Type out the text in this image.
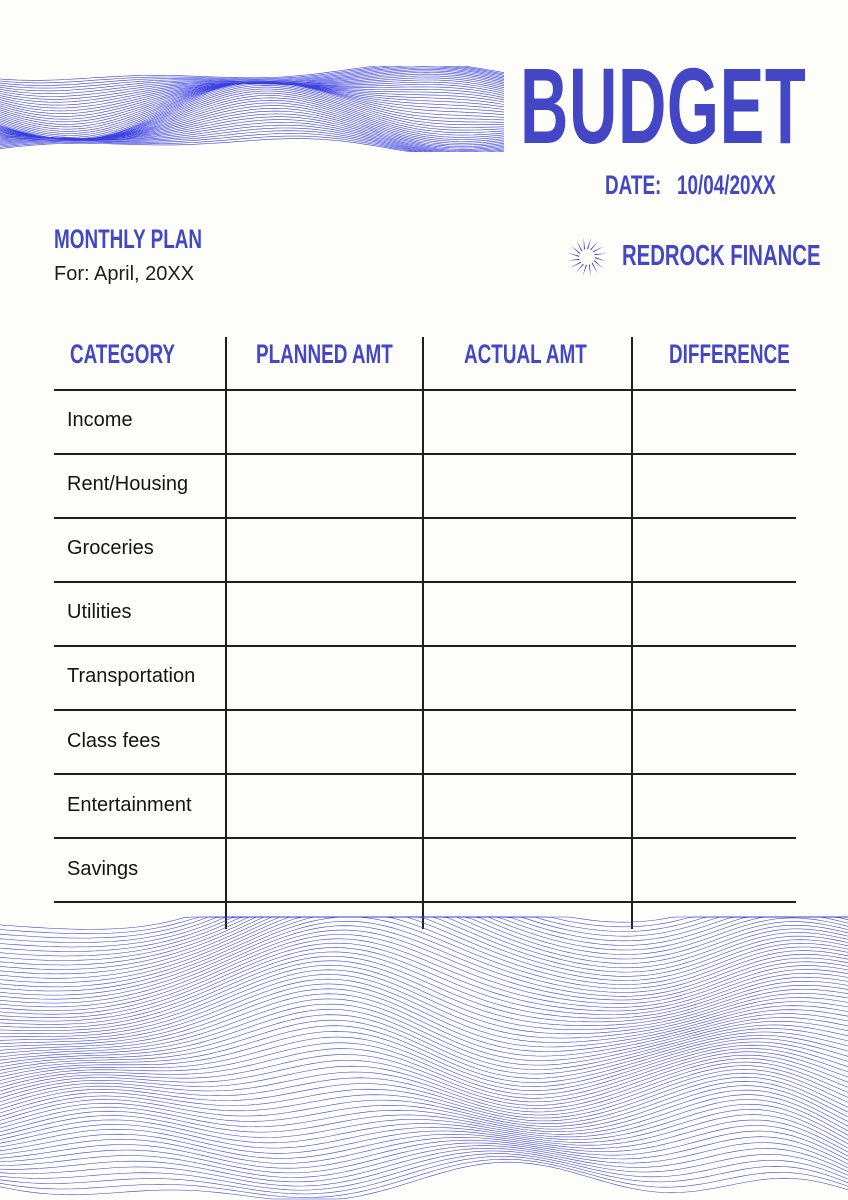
BUDGET
DATE: 10/04/20XX
MONTHLY PLAN
For: April, 20XX
REDROCK FINANCE
CATEGORY	PLANNED AMT	ACTUAL AMT	DIFFERENCE
Income
Rent/Housing
Groceries
Utilities
Transportation
Class fees
Entertainment
Savings
